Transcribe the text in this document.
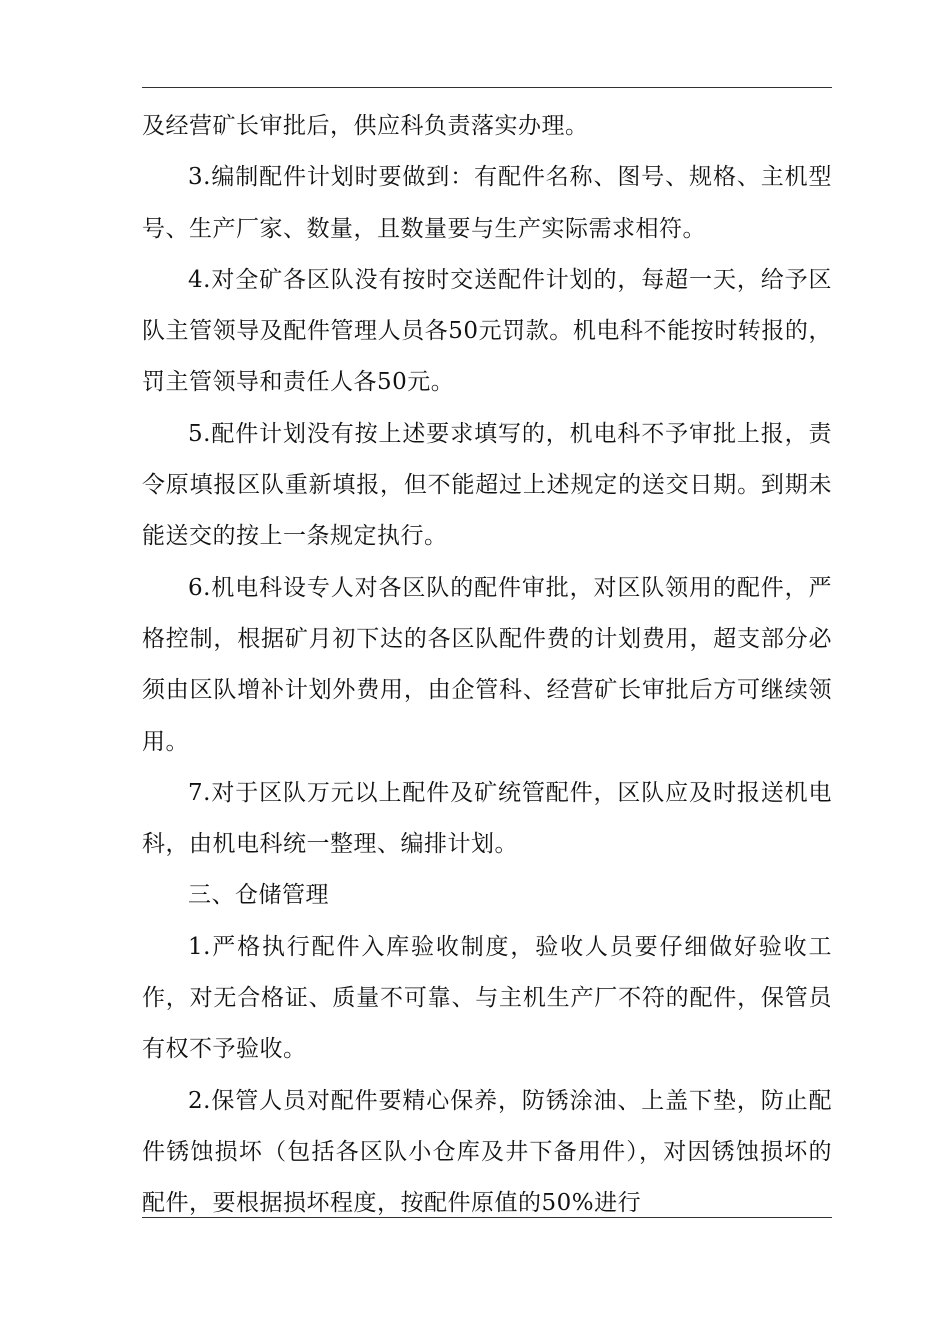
及经营矿长审批后，供应科负责落实办理。

3.编制配件计划时要做到：有配件名称、图号、规格、主机型号、生产厂家、数量，且数量要与生产实际需求相符。

4.对全矿各区队没有按时交送配件计划的，每超一天，给予区队主管领导及配件管理人员各50元罚款。机电科不能按时转报的，罚主管领导和责任人各50元。

5.配件计划没有按上述要求填写的，机电科不予审批上报，责令原填报区队重新填报，但不能超过上述规定的送交日期。到期未能送交的按上一条规定执行。

6.机电科设专人对各区队的配件审批，对区队领用的配件，严格控制，根据矿月初下达的各区队配件费的计划费用，超支部分必须由区队增补计划外费用，由企管科、经营矿长审批后方可继续领用。

7.对于区队万元以上配件及矿统管配件，区队应及时报送机电科，由机电科统一整理、编排计划。

三、仓储管理

1.严格执行配件入库验收制度，验收人员要仔细做好验收工作，对无合格证、质量不可靠、与主机生产厂不符的配件，保管员有权不予验收。

2.保管人员对配件要精心保养，防锈涂油、上盖下垫，防止配件锈蚀损坏（包括各区队小仓库及井下备用件），对因锈蚀损坏的配件，要根据损坏程度，按配件原值的50%进行
